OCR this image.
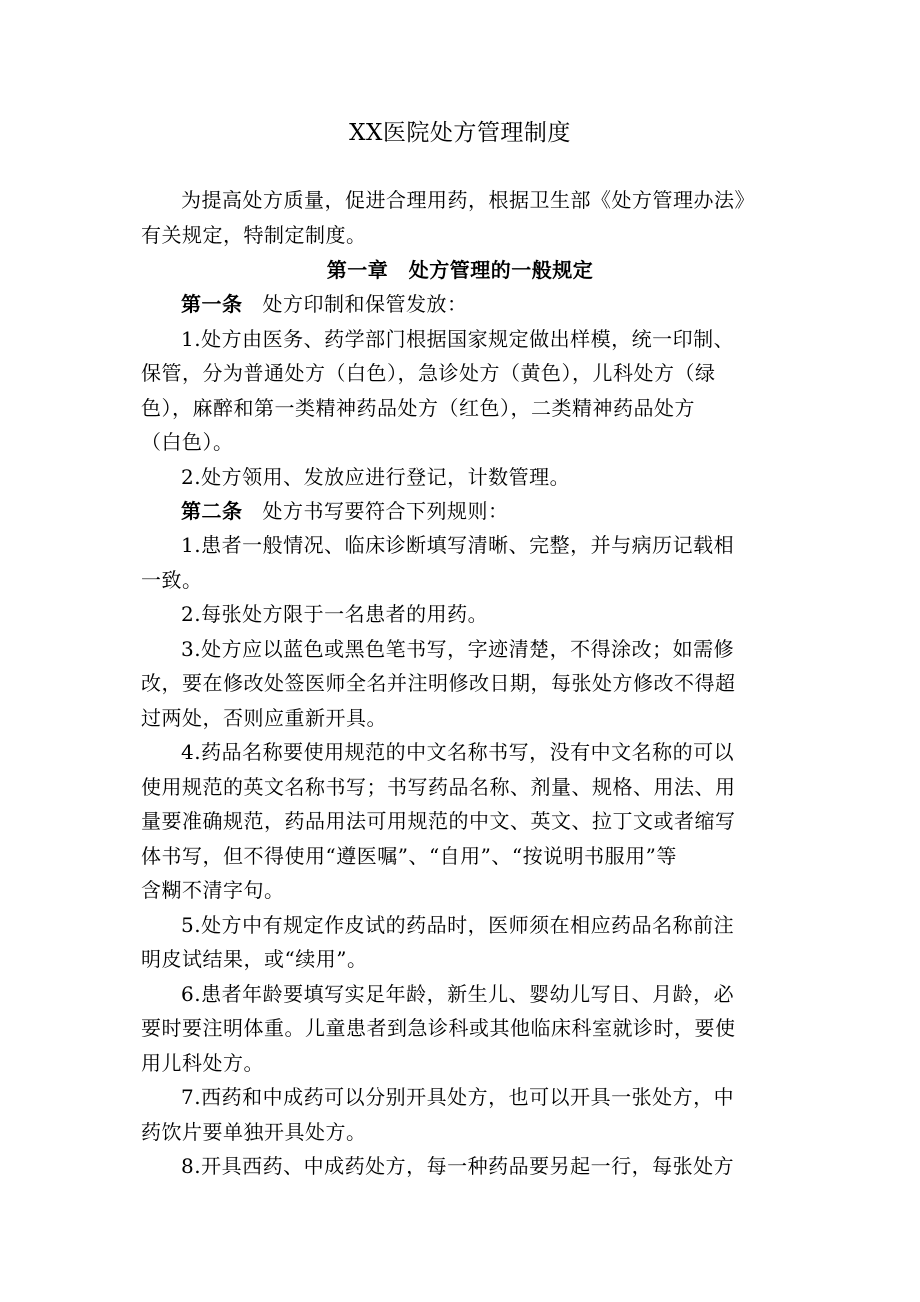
XX医院处方管理制度
为提高处方质量，促进合理用药，根据卫生部《处方管理办法》
有关规定，特制定制度。
第一章　处方管理的一般规定
第一条 处方印制和保管发放：
1.处方由医务、药学部门根据国家规定做出样模，统一印制、
保管，分为普通处方（白色），急诊处方（黄色），儿科处方（绿
色），麻醉和第一类精神药品处方（红色），二类精神药品处方
（白色）。
2.处方领用、发放应进行登记，计数管理。
第二条 处方书写要符合下列规则：
1.患者一般情况、临床诊断填写清晰、完整，并与病历记载相
一致。
2.每张处方限于一名患者的用药。
3.处方应以蓝色或黑色笔书写，字迹清楚，不得涂改；如需修
改，要在修改处签医师全名并注明修改日期，每张处方修改不得超
过两处，否则应重新开具。
4.药品名称要使用规范的中文名称书写，没有中文名称的可以
使用规范的英文名称书写；书写药品名称、剂量、规格、用法、用
量要准确规范，药品用法可用规范的中文、英文、拉丁文或者缩写
体书写，但不得使用“遵医嘱”、“自用”、“按说明书服用”等
含糊不清字句。
5.处方中有规定作皮试的药品时，医师须在相应药品名称前注
明皮试结果，或“续用”。
6.患者年龄要填写实足年龄，新生儿、婴幼儿写日、月龄，必
要时要注明体重。儿童患者到急诊科或其他临床科室就诊时，要使
用儿科处方。
7.西药和中成药可以分别开具处方，也可以开具一张处方，中
药饮片要单独开具处方。
8.开具西药、中成药处方，每一种药品要另起一行，每张处方
